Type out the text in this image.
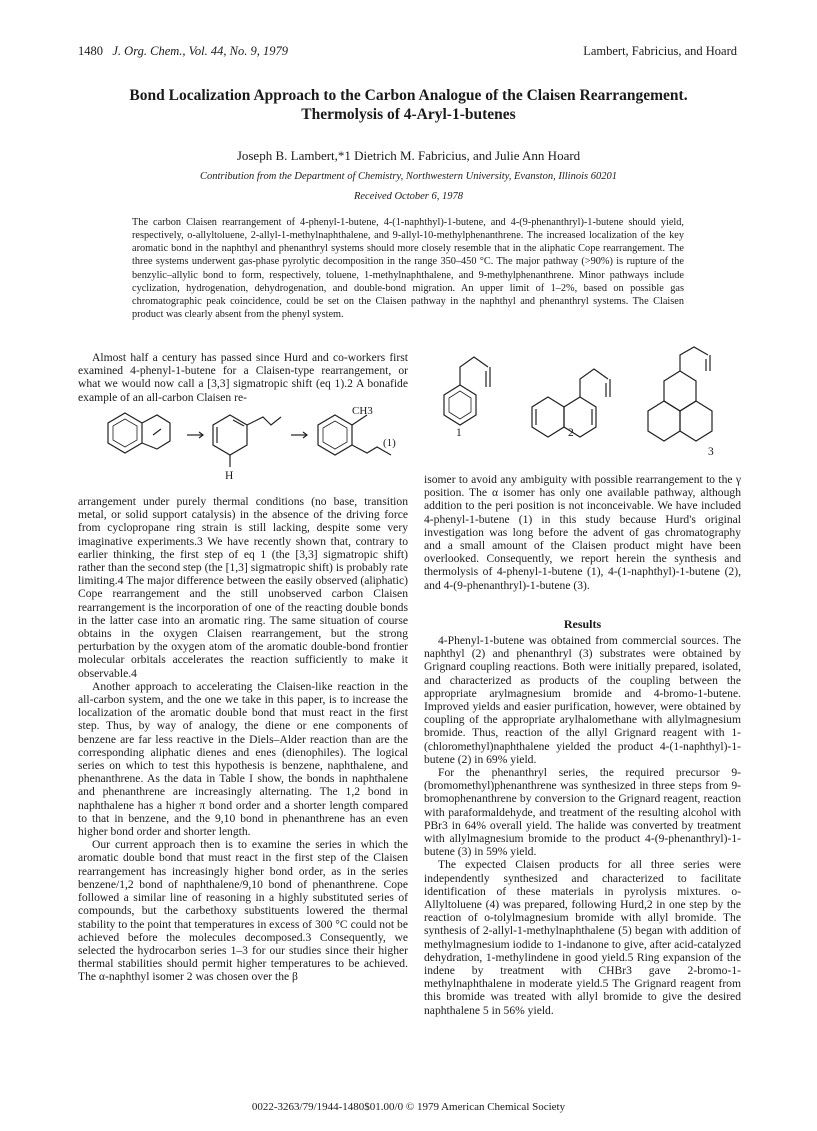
1480 J. Org. Chem., Vol. 44, No. 9, 1979	Lambert, Fabricius, and Hoard
Bond Localization Approach to the Carbon Analogue of the Claisen Rearrangement. Thermolysis of 4-Aryl-1-butenes
Joseph B. Lambert,*1 Dietrich M. Fabricius, and Julie Ann Hoard
Contribution from the Department of Chemistry, Northwestern University, Evanston, Illinois 60201
Received October 6, 1978
The carbon Claisen rearrangement of 4-phenyl-1-butene, 4-(1-naphthyl)-1-butene, and 4-(9-phenanthryl)-1-butene should yield, respectively, o-allyltoluene, 2-allyl-1-methylnaphthalene, and 9-allyl-10-methylphenanthrene. The increased localization of the key aromatic bond in the naphthyl and phenanthryl systems should more closely resemble that in the aliphatic Cope rearrangement. The three systems underwent gas-phase pyrolytic decomposition in the range 350–450 °C. The major pathway (>90%) is rupture of the benzylic–allylic bond to form, respectively, toluene, 1-methylnaphthalene, and 9-methylphenanthrene. Minor pathways include cyclization, hydrogenation, dehydrogenation, and double-bond migration. An upper limit of 1–2%, based on possible gas chromatographic peak coincidence, could be set on the Claisen pathway in the naphthyl and phenanthryl systems. The Claisen product was clearly absent from the phenyl system.

Almost half a century has passed since Hurd and co-workers first examined 4-phenyl-1-butene for a Claisen-type rearrangement, or what we would now call a [3,3] sigmatropic shift (eq 1).2 A bonafide example of an all-carbon Claisen re-

CH3
H
(1)

arrangement under purely thermal conditions (no base, transition metal, or solid support catalysis) in the absence of the driving force from cyclopropane ring strain is still lacking, despite some very imaginative experiments.3 We have recently shown that, contrary to earlier thinking, the first step of eq 1 (the [3,3] sigmatropic shift) rather than the second step (the [1,3] sigmatropic shift) is probably rate limiting.4 The major difference between the easily observed (aliphatic) Cope rearrangement and the still unobserved carbon Claisen rearrangement is the incorporation of one of the reacting double bonds in the latter case into an aromatic ring. The same situation of course obtains in the oxygen Claisen rearrangement, but the strong perturbation by the oxygen atom of the aromatic double-bond frontier molecular orbitals accelerates the reaction sufficiently to make it observable.4

Another approach to accelerating the Claisen-like reaction in the all-carbon system, and the one we take in this paper, is to increase the localization of the aromatic double bond that must react in the first step. Thus, by way of analogy, the diene or ene components of benzene are far less reactive in the Diels–Alder reaction than are the corresponding aliphatic dienes and enes (dienophiles). The logical series on which to test this hypothesis is benzene, naphthalene, and phenanthrene. As the data in Table I show, the bonds in naphthalene and phenanthrene are increasingly alternating. The 1,2 bond in naphthalene has a higher π bond order and a shorter length compared to that in benzene, and the 9,10 bond in phenanthrene has an even higher bond order and shorter length.

Our current approach then is to examine the series in which the aromatic double bond that must react in the first step of the Claisen rearrangement has increasingly higher bond order, as in the series benzene/1,2 bond of naphthalene/9,10 bond of phenanthrene. Cope followed a similar line of reasoning in a highly substituted series of compounds, but the carbethoxy substituents lowered the thermal stability to the point that temperatures in excess of 300 °C could not be achieved before the molecules decomposed.3 Consequently, we selected the hydrocarbon series 1–3 for our studies since their higher thermal stabilities should permit higher temperatures to be achieved. The α-naphthyl isomer 2 was chosen over the β

1	2
3

isomer to avoid any ambiguity with possible rearrangement to the γ position. The α isomer has only one available pathway, although addition to the peri position is not inconceivable. We have included 4-phenyl-1-butene (1) in this study because Hurd's original investigation was long before the advent of gas chromatography and a small amount of the Claisen product might have been overlooked. Consequently, we report herein the synthesis and thermolysis of 4-phenyl-1-butene (1), 4-(1-naphthyl)-1-butene (2), and 4-(9-phenanthryl)-1-butene (3).

Results

4-Phenyl-1-butene was obtained from commercial sources. The naphthyl (2) and phenanthryl (3) substrates were obtained by Grignard coupling reactions. Both were initially prepared, isolated, and characterized as products of the coupling between the appropriate arylmagnesium bromide and 4-bromo-1-butene. Improved yields and easier purification, however, were obtained by coupling of the appropriate arylhalomethane with allylmagnesium bromide. Thus, reaction of the allyl Grignard reagent with 1-(chloromethyl)naphthalene yielded the product 4-(1-naphthyl)-1-butene (2) in 69% yield.

For the phenanthryl series, the required precursor 9-(bromomethyl)phenanthrene was synthesized in three steps from 9-bromophenanthrene by conversion to the Grignard reagent, reaction with paraformaldehyde, and treatment of the resulting alcohol with PBr3 in 64% overall yield. The halide was converted by treatment with allylmagnesium bromide to the product 4-(9-phenanthryl)-1-butene (3) in 59% yield.

The expected Claisen products for all three series were independently synthesized and characterized to facilitate identification of these materials in pyrolysis mixtures. o-Allyltoluene (4) was prepared, following Hurd,2 in one step by the reaction of o-tolylmagnesium bromide with allyl bromide. The synthesis of 2-allyl-1-methylnaphthalene (5) began with addition of methylmagnesium iodide to 1-indanone to give, after acid-catalyzed dehydration, 1-methylindene in good yield.5 Ring expansion of the indene by treatment with CHBr3 gave 2-bromo-1-methylnaphthalene in moderate yield.5 The Grignard reagent from this bromide was treated with allyl bromide to give the desired naphthalene 5 in 56% yield.

0022-3263/79/1944-1480$01.00/0 © 1979 American Chemical Society
